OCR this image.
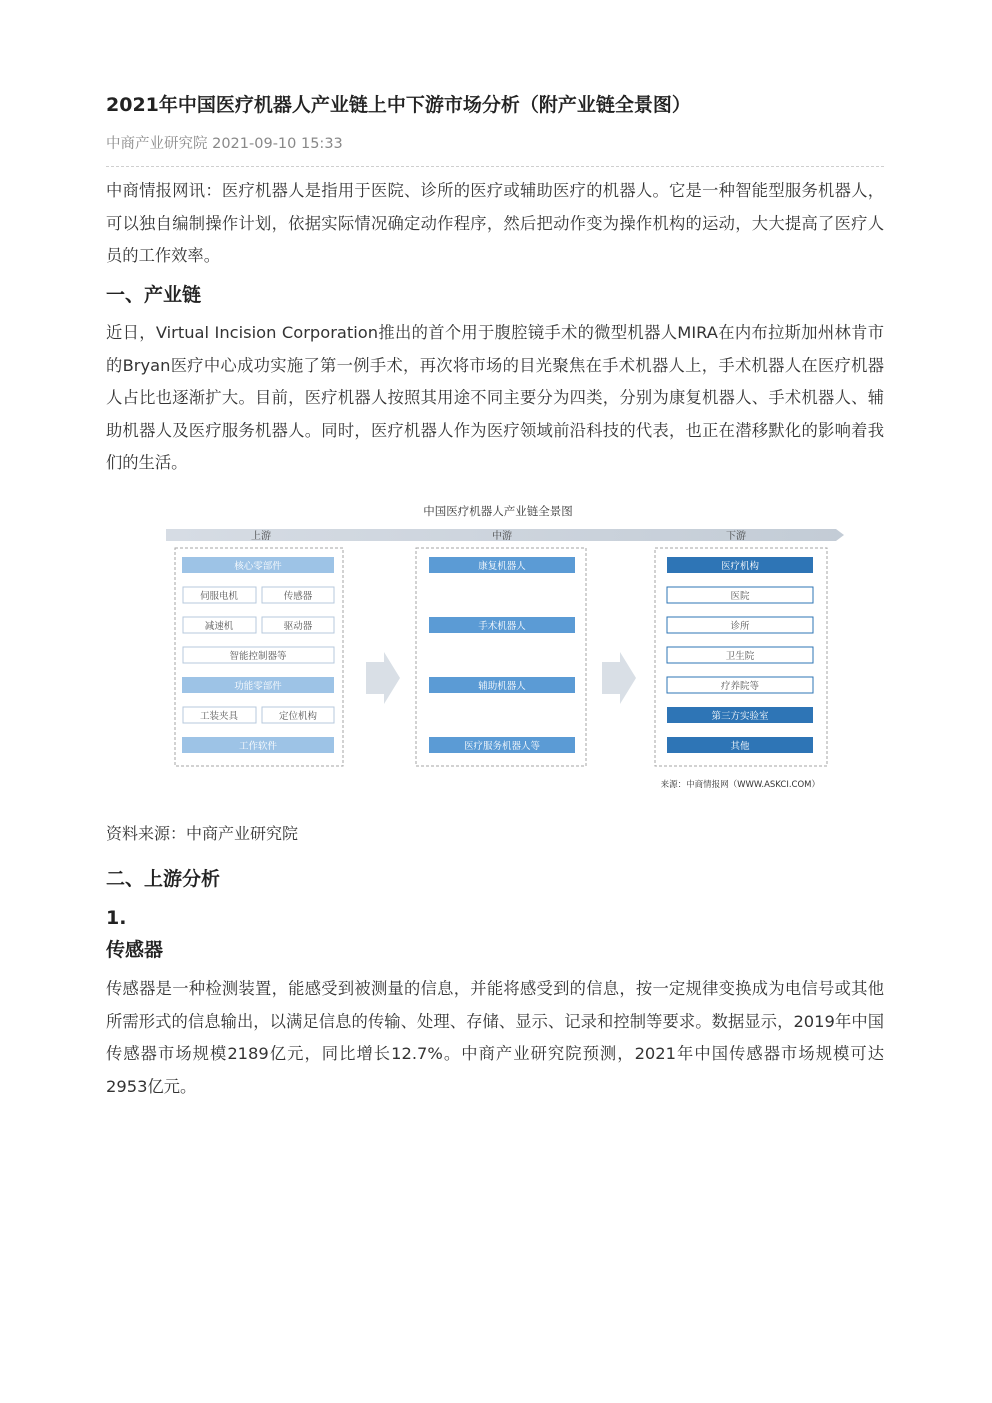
2021年中国医疗机器人产业链上中下游市场分析（附产业链全景图）
中商产业研究院 2021-09-10 15:33

中商情报网讯：医疗机器人是指用于医院、诊所的医疗或辅助医疗的机器人。它是一种智能型服务机器人，可以独自编制操作计划，依据实际情况确定动作程序，然后把动作变为操作机构的运动，大大提高了医疗人员的工作效率。

一、产业链

近日，Virtual Incision Corporation推出的首个用于腹腔镜手术的微型机器人MIRA在内布拉斯加州林肯市的Bryan医疗中心成功实施了第一例手术，再次将市场的目光聚焦在手术机器人上，手术机器人在医疗机器人占比也逐渐扩大。目前，医疗机器人按照其用途不同主要分为四类，分别为康复机器人、手术机器人、辅助机器人及医疗服务机器人。同时，医疗机器人作为医疗领域前沿科技的代表，也正在潜移默化的影响着我们的生活。

中国医疗机器人产业链全景图
上游	中游	下游
核心零部件
伺服电机	传感器
减速机	驱动器
智能控制器等
功能零部件
工装夹具	定位机构
工作软件
康复机器人
手术机器人
辅助机器人
医疗服务机器人等
医疗机构
医院
诊所
卫生院
疗养院等
第三方实验室
其他
来源：中商情报网（WWW.ASKCI.COM）
资料来源：中商产业研究院
二、上游分析
1.
传感器

传感器是一种检测装置，能感受到被测量的信息，并能将感受到的信息，按一定规律变换成为电信号或其他所需形式的信息输出，以满足信息的传输、处理、存储、显示、记录和控制等要求。数据显示，2019年中国传感器市场规模2189亿元，同比增长12.7%。中商产业研究院预测，2021年中国传感器市场规模可达2953亿元。
